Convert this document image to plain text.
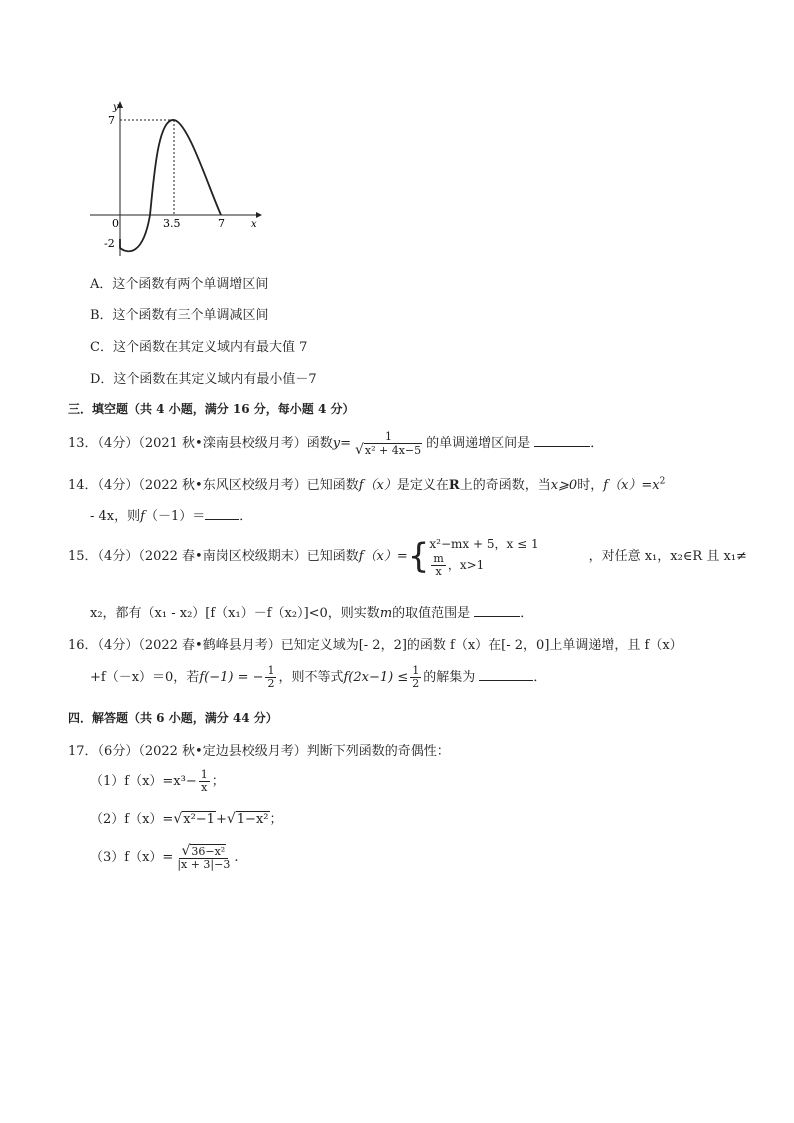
y
x
0
7
-2
3.5	7
A．这个函数有两个单调增区间
B．这个函数有三个单调减区间
C．这个函数在其定义域内有最大值 7
D．这个函数在其定义域内有最小值－7
三．填空题（共 4 小题，满分 16 分，每小题 4 分）
13．（4分）（2021 秋•滦南县校级月考）函数$y= \frac{1}{\text{√x² + 4x−5}}$ 的单调递增区间是	．
14．（4分）（2022 秋•东风区校级月考）已知函数f（x）是定义在R上的奇函数，当x⩾0时，$f(x)=x^2$
- 4x，则f（－1）＝	．
15．（4分）（2022 春•南岗区校级期末）已知函数f（x）={ x²−mx + 5，x ≤ 1
$\frac{m}{x}$ ，x>1
，对任意 x₁，x₂∈R 且 x₁≠
x₂，都有（x₁ - x₂）[f（x₁）－f（x₂）]<0，则实数m的取值范围是	．
16．（4分）（2022 春•鹤峰县月考）已知定义域为[- 2，2]的函数 f（x）在[- 2，0]上单调递增，且 f（x）
+f（－x）＝0，若f(−1) = − $\frac{1}{2}$ ，则不等式$f(2x-1) \le \frac{1}{2}$ 的解集为	．
四．解答题（共 6 小题，满分 44 分）
17．（6分）（2022 秋•定边县校级月考）判断下列函数的奇偶性：
$(1)f(x)=x^3- \frac{1}{x}$ ；
（2）f（x）=√x²−1+√1−x²；
$(3)f(x)= \frac{\text{√36−x²}}{|x + 3|-3}$ .
